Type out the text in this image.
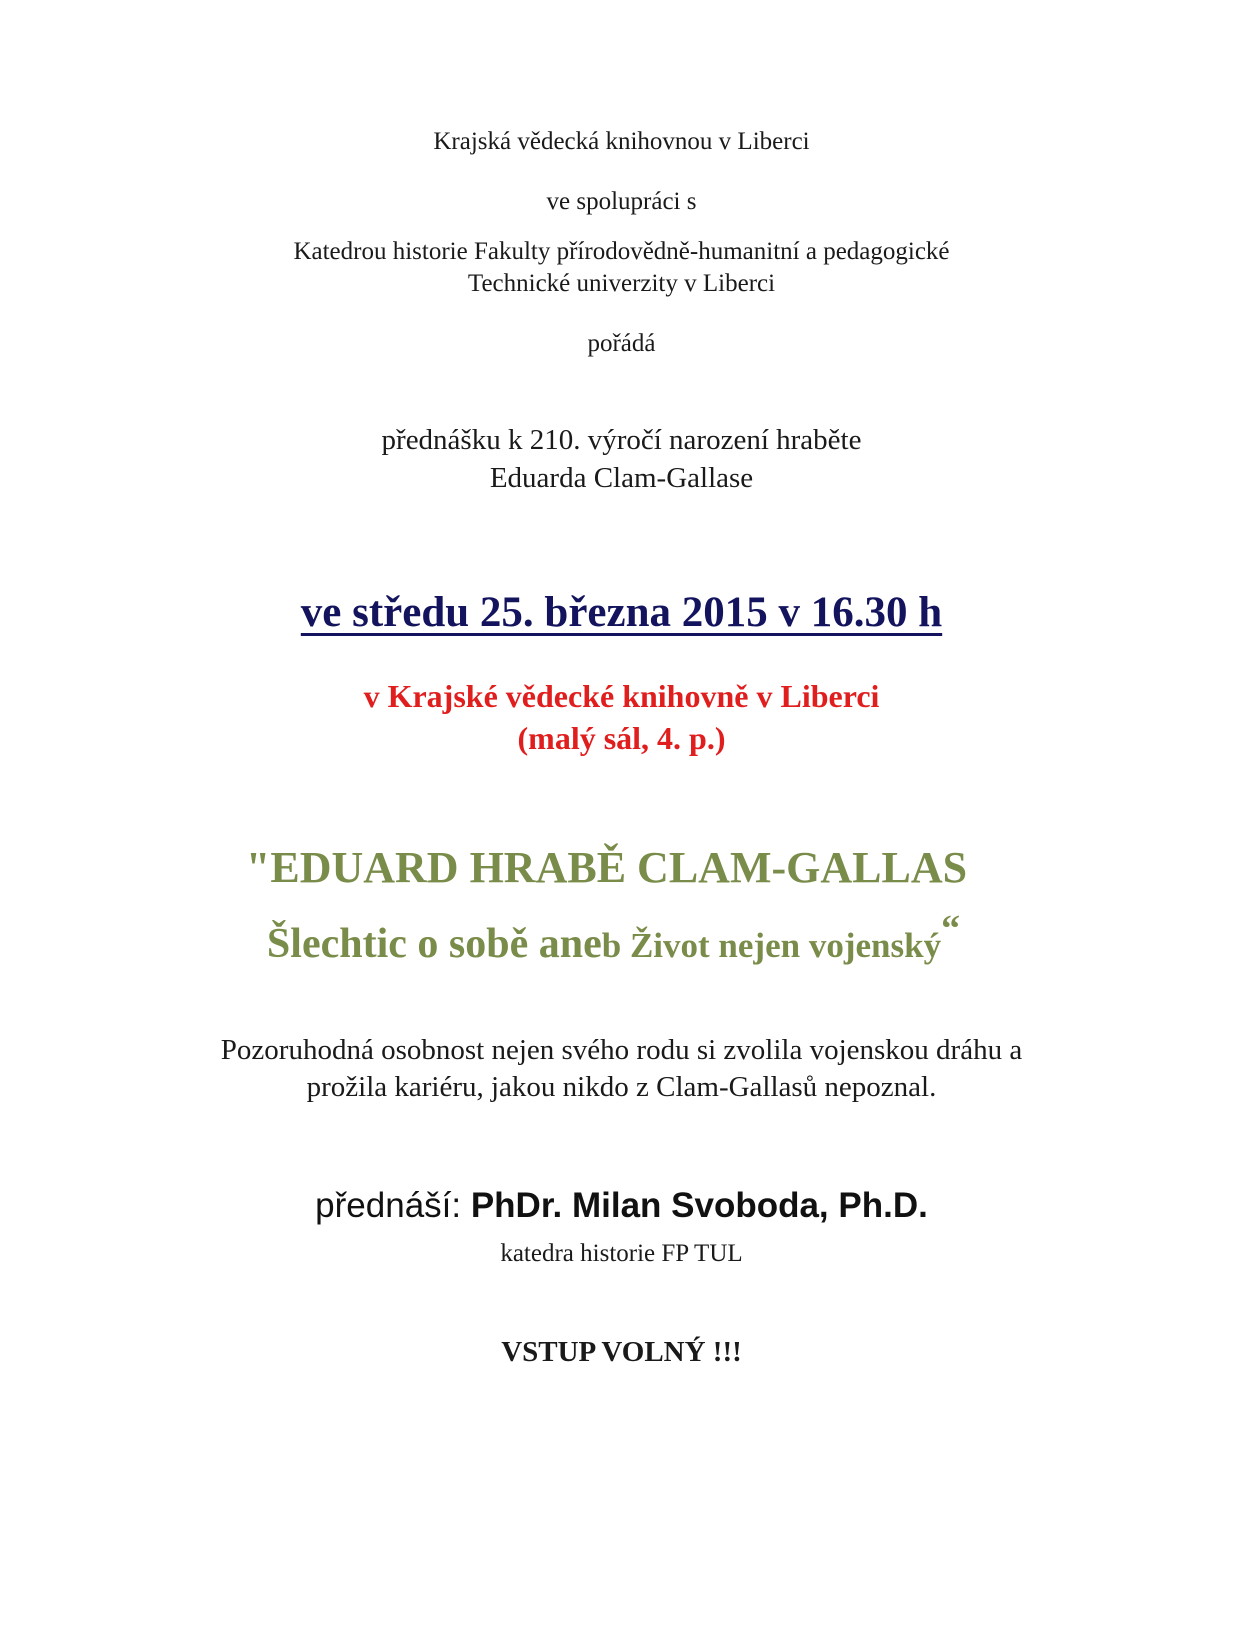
Krajská vědecká knihovnou v Liberci
ve spolupráci s
Katedrou historie Fakulty přírodovědně-humanitní a pedagogické
Technické univerzity v Liberci
pořádá
přednášku k 210. výročí narození hraběte
Eduarda Clam-Gallase
ve středu 25. března 2015 v 16.30 h
v Krajské vědecké knihovně v Liberci
(malý sál, 4. p.)
"EDUARD HRABĚ CLAM-GALLAS
Šlechtic o sobě aneb Život nejen vojenský“
Pozoruhodná osobnost nejen svého rodu si zvolila vojenskou dráhu a
prožila kariéru, jakou nikdo z Clam-Gallasů nepoznal.
přednáší: PhDr. Milan Svoboda, Ph.D.
katedra historie FP TUL
VSTUP VOLNÝ !!!
